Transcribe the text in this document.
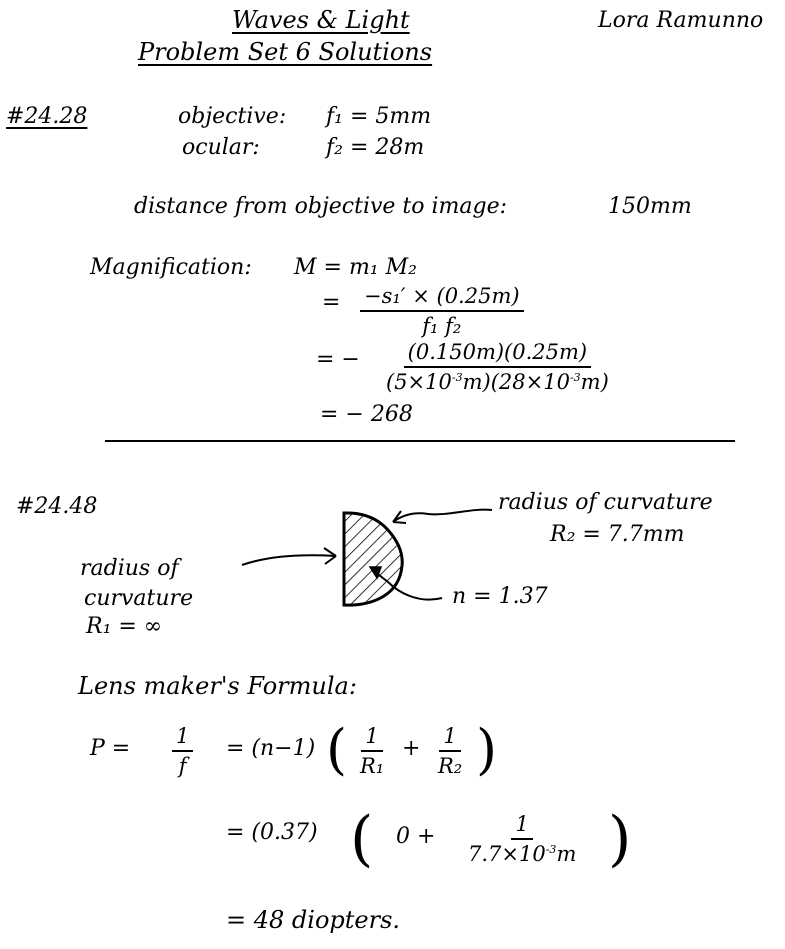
Waves & Light
Problem Set 6 Solutions
Lora Ramunno
#24.28	objective: f₁ = 5mm
ocular:	f₂ = 28m
distance from objective to image:	150mm
Magnification: M = m₁ M₂
= $\frac{\text{−s₁′ × (0.25m)}}{\text{f₁ f₂}}$
= − $\frac{(0.150m)(0.25m)}{(5\times 10^{-3}m)(28\times 10^{-3}m)}$
= − 268
#24.48	radius of curvature
R₂ = 7.7mm
radius of
curvature
R₁ = ∞
n = 1.37
Lens maker's Formula:
$P = \frac{1}{f} = (n-1)$ ( $\frac{1}{\text{R₁}} + \frac{1}{\text{R₂}}$ )
= (0.37) ( $0 + \frac{1}{7.7\times 10^{-3}m}$ )
= 48 diopters.
